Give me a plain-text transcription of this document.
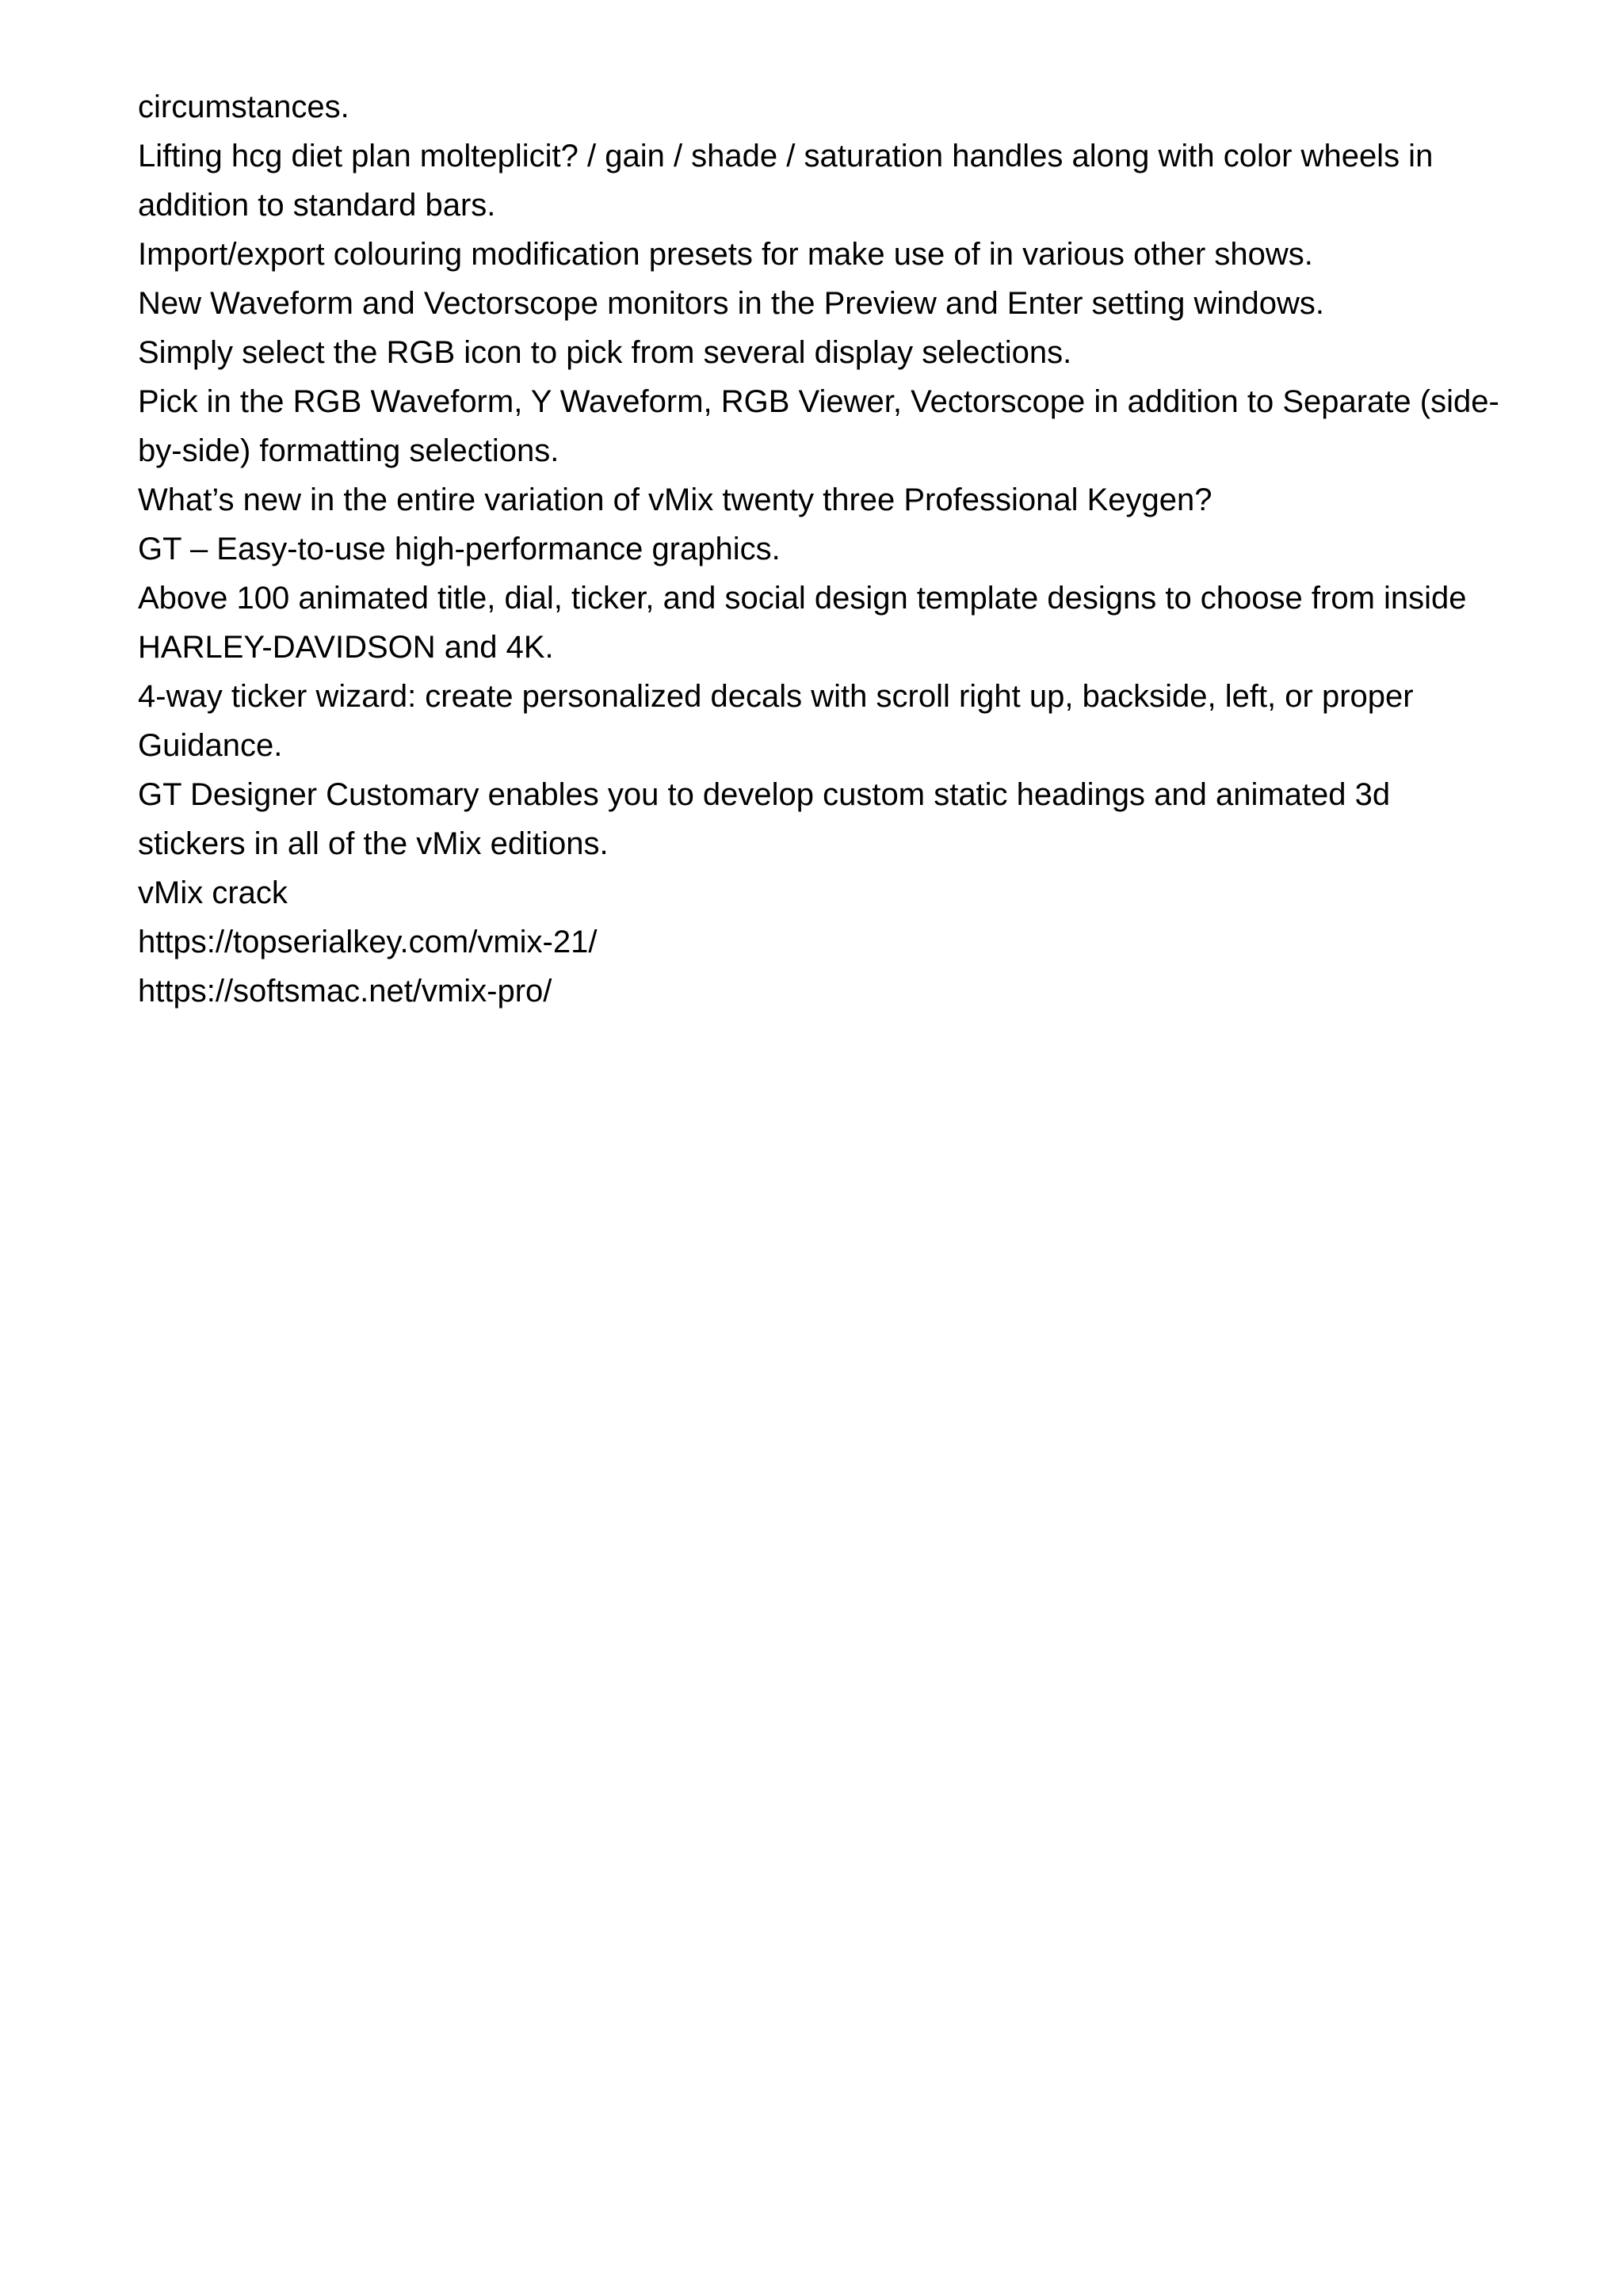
circumstances.

Lifting hcg diet plan molteplicit? / gain / shade / saturation handles along with color wheels in addition to standard bars.

Import/export colouring modification presets for make use of in various other shows.

New Waveform and Vectorscope monitors in the Preview and Enter setting windows.

Simply select the RGB icon to pick from several display selections.

Pick in the RGB Waveform, Y Waveform, RGB Viewer, Vectorscope in addition to Separate (side-by-side) formatting selections.

What’s new in the entire variation of vMix twenty three Professional Keygen?

GT – Easy-to-use high-performance graphics.

Above 100 animated title, dial, ticker, and social design template designs to choose from inside HARLEY-DAVIDSON and 4K.

4-way ticker wizard: create personalized decals with scroll right up, backside, left, or proper Guidance.

GT Designer Customary enables you to develop custom static headings and animated 3d stickers in all of the vMix editions.

vMix crack

https://topserialkey.com/vmix-21/

https://softsmac.net/vmix-pro/
